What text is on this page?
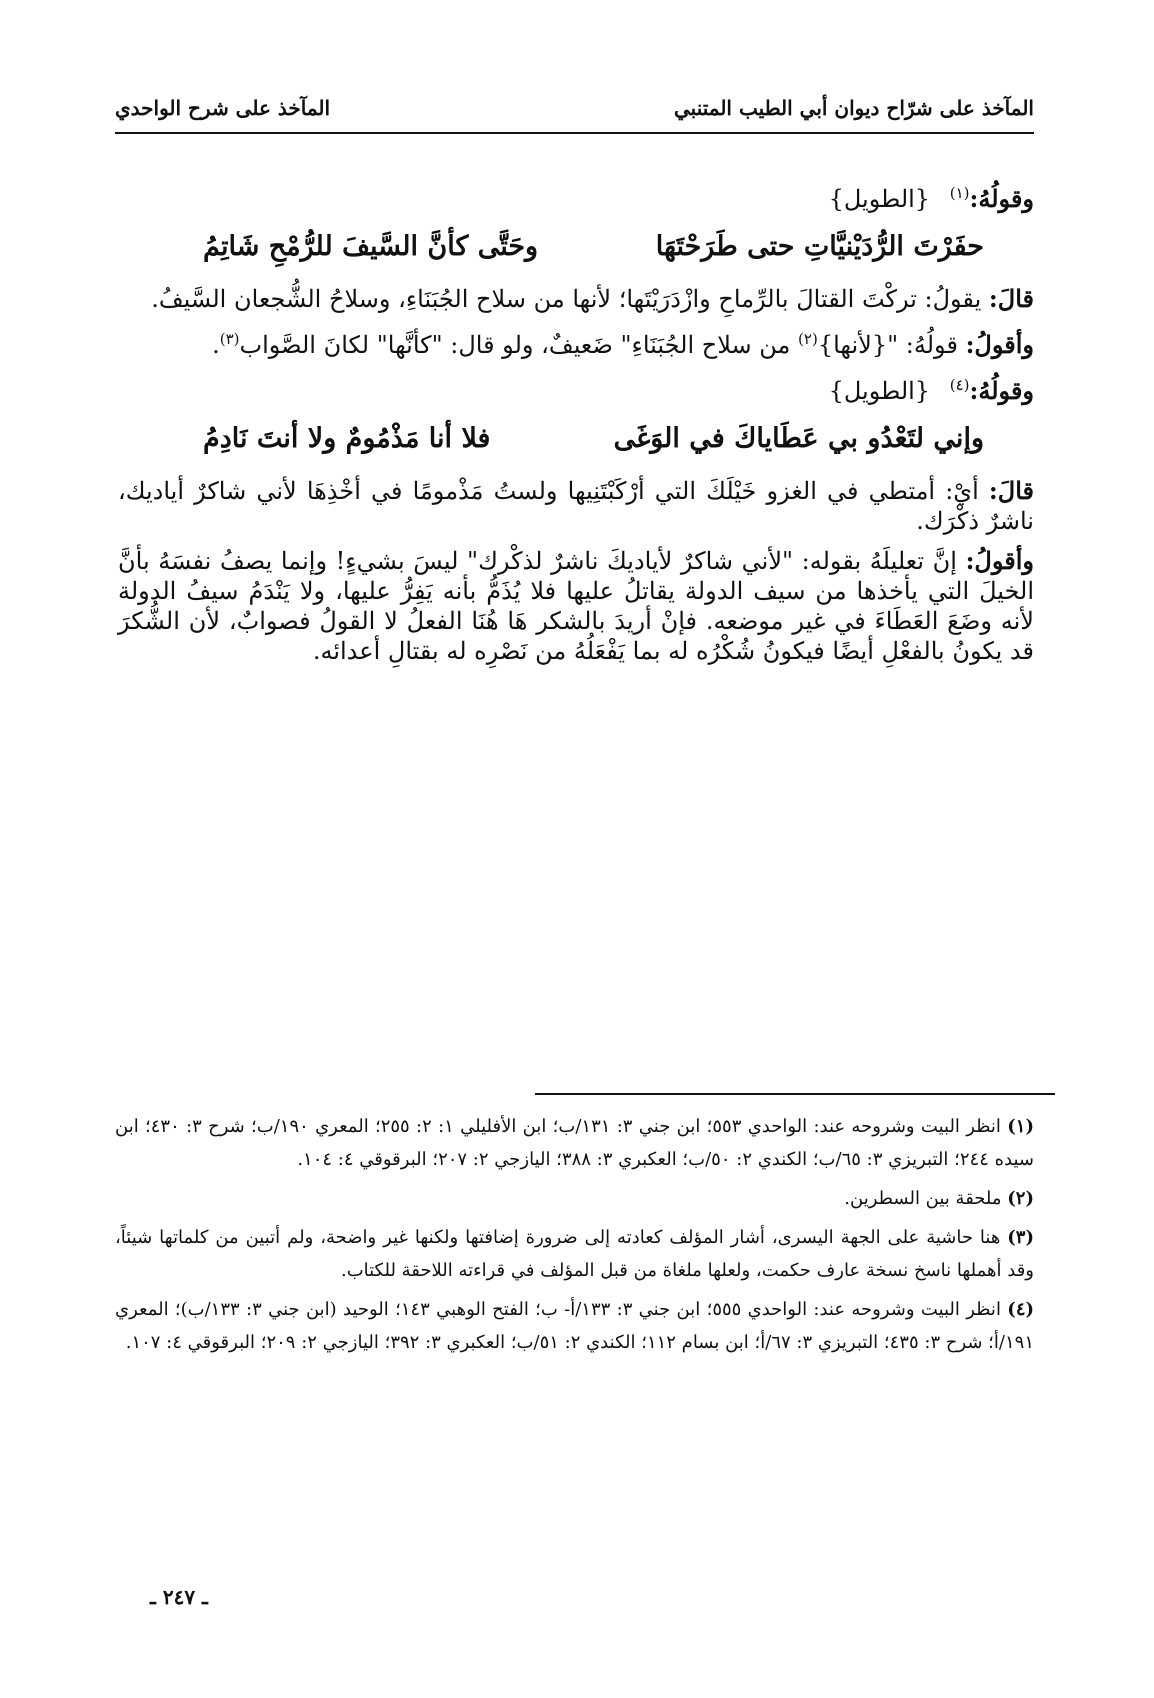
المآخذ على شرّاح ديوان أبي الطيب المتنبي
المآخذ على شرح الواحدي

وقولُهُ:$^{(١)}$ {الطويل}

حفَرْتَ الرُّدَيْنيَّاتِ حتى طَرَحْتَهَا
وحَتَّى كأنَّ السَّيفَ للرُّمْحِ شَاتِمُ

قالَ: يقولُ: تركْتَ القتالَ بالرِّماحِ وازْدَرَيْتَها؛ لأنها من سلاح الجُبَنَاءِ، وسلاحُ الشُّجعان السَّيفُ.

وأقولُ: قولُهُ: "{لأنها}$^{(٢)}$ من سلاح الجُبَنَاءِ" ضَعيفٌ، ولو قال: "كأنَّها" لكانَ الصَّواب$^{(٣)}$.

وقولُهُ:$^{(٤)}$ {الطويل}

وإني لتَعْدُو بي عَطَاياكَ في الوَغَى
فلا أنا مَذْمُومٌ ولا أنتَ نَادِمُ

قالَ: أيْ: أمتطي في الغزو خَيْلَكَ التي أرْكَبْتَنِيها ولستُ مَذْمومًا في أخْذِهَا لأني شاكرٌ أياديك، ناشرٌ ذكْرَك.

وأقولُ: إنَّ تعليلَهُ بقوله: "لأني شاكرٌ لأياديكَ ناشرٌ لذكْرك" ليسَ بشيءٍ! وإنما يصفُ نفسَهُ بأنَّ الخيلَ التي يأخذها من سيف الدولة يقاتلُ عليها فلا يُذَمُّ بأنه يَفِرُّ عليها، ولا يَنْدَمُ سيفُ الدولة لأنه وضَعَ العَطَاءَ في غير موضعه. فإنْ أريدَ بالشكر هَا هُنَا الفعلُ لا القولُ فصوابٌ، لأن الشُّكرَ قد يكونُ بالفعْلِ أيضًا فيكونُ شُكْرُه له بما يَفْعَلُهُ من نَصْرِه له بقتالِ أعدائه.

(١) انظر البيت وشروحه عند: الواحدي ٥٥٣؛ ابن جني ٣: ١٣١/ب؛ ابن الأفليلي ١: ٢: ٢٥٥؛ المعري ١٩٠/ب؛ شرح ٣: ٤٣٠؛ ابن سيده ٢٤٤؛ التبريزي ٣: ٦٥/ب؛ الكندي ٢: ٥٠/ب؛ العكبري ٣: ٣٨٨؛ اليازجي ٢: ٢٠٧؛ البرقوقي ٤: ١٠٤.

(٢) ملحقة بين السطرين.

(٣) هنا حاشية على الجهة اليسرى، أشار المؤلف كعادته إلى ضرورة إضافتها ولكنها غير واضحة، ولم أتبين من كلماتها شيئاً، وقد أهملها ناسخ نسخة عارف حكمت، ولعلها ملغاة من قبل المؤلف في قراءته اللاحقة للكتاب.

(٤) انظر البيت وشروحه عند: الواحدي ٥٥٥؛ ابن جني ٣: ١٣٣/أ- ب؛ الفتح الوهبي ١٤٣؛ الوحيد (ابن جني ٣: ١٣٣/ب)؛ المعري ١٩١/أ؛ شرح ٣: ٤٣٥؛ التبريزي ٣: ٦٧/أ؛ ابن بسام ١١٢؛ الكندي ٢: ٥١/ب؛ العكبري ٣: ٣٩٢؛ اليازجي ٢: ٢٠٩؛ البرقوقي ٤: ١٠٧.

ـ ٢٤٧ ـ
